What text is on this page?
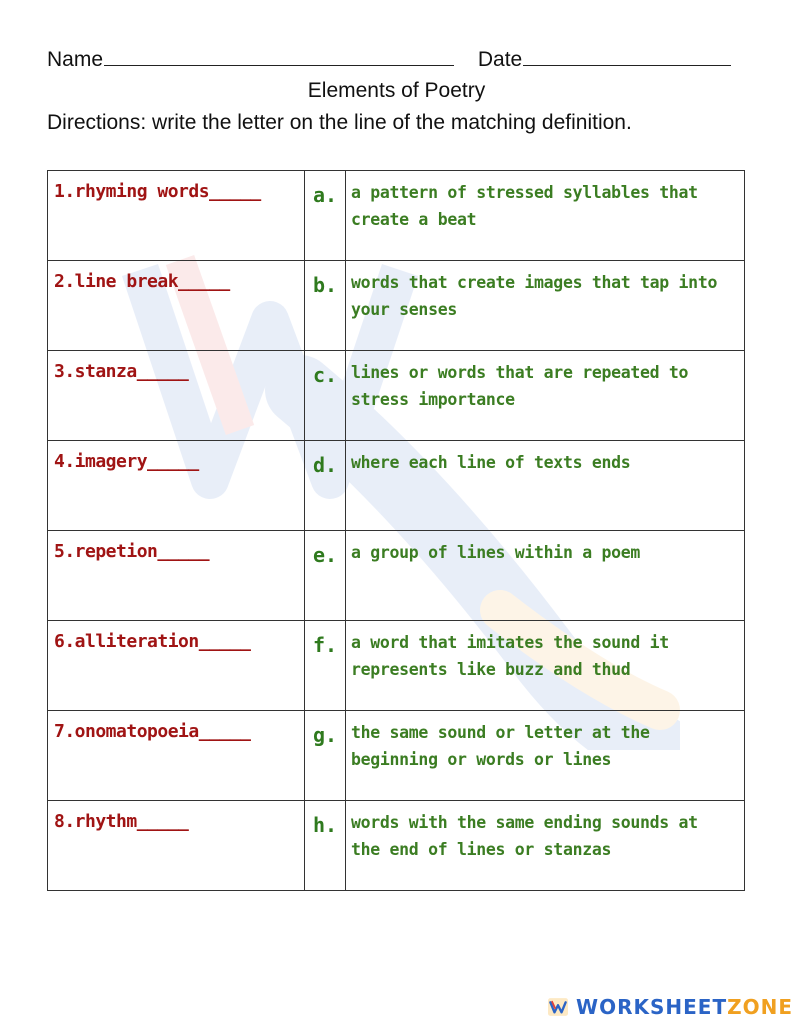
Name	Date
Elements of Poetry
Directions: write the letter on the line of the matching definition.
1.rhyming words_____	a.	a pattern of stressed syllables that create a beat

2.line break_____	b.	words that create images that tap into your senses

3.stanza_____	c.	lines or words that are repeated to stress importance

4.imagery_____	d.	where each line of texts ends

5.repetion_____	e.	a group of lines within a poem

6.alliteration_____	f.	a word that imitates the sound it represents like buzz and thud

7.onomatopoeia_____	g.	the same sound or letter at the beginning or words or lines

8.rhythm_____	h.	words with the same ending sounds at the end of lines or stanzas
WORKSHEETZONE
